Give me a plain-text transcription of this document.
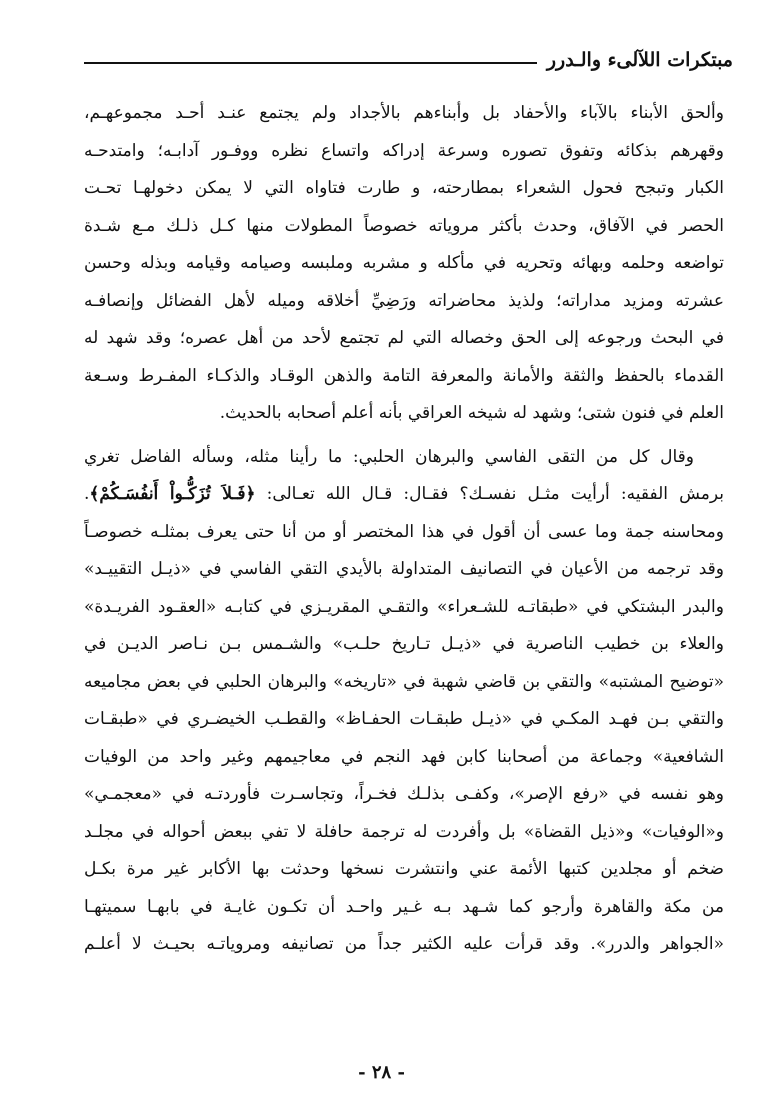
مبتكرات اللآلىء والـدرر
وألحق الأبناء بالآباء والأحفاد بل وأبناءهم بالأجداد ولم يجتمع عنـد أحـد مجموعهـم،
وقهرهم بذكائه وتفوق تصوره وسرعة إدراكه واتساع نظره ووفـور آدابـه؛ وامتدحـه
الكبار وتبجح فحول الشعراء بمطارحته، و طارت فتاواه التي لا يمكن دخولهـا تحـت
الحصر في الآفاق، وحدث بأكثر مروياته خصوصاً المطولات منها كـل ذلـك مـع شـدة
تواضعه وحلمه وبهائه وتحريه في مأكله و مشربه وملبسه وصيامه وقيامه وبذله وحسن
عشرته ومزيد مداراته؛ ولذيذ محاضراته ورَضِيِّ أخلاقه وميله لأهل الفضائل وإنصافـه
في البحث ورجوعه إلى الحق وخصاله التي لم تجتمع لأحد من أهل عصره؛ وقد شهد له
القدماء بالحفظ والثقة والأمانة والمعرفة التامة والذهن الوقـاد والذكـاء المفـرط وسـعة
العلم في فنون شتى؛ وشهد له شيخه العراقي بأنه أعلم أصحابه بالحديث.
وقال كل من التقى الفاسي والبرهان الحلبي: ما رأينا مثله، وسأله الفاضل تغري
برمش الفقيه: أرأيت مثـل نفسـك؟ فقـال: قـال الله تعـالى: ﴿فَـلاَ تُزَكُّـواْ أَنفُسَـكُمْ﴾.
ومحاسنه جمة وما عسى أن أقول في هذا المختصر أو من أنا حتى يعرف بمثلـه خصوصـاً
وقد ترجمه من الأعيان في التصانيف المتداولة بالأيدي التقي الفاسي في «ذيـل التقييـد»
والبدر البشتكي في «طبقاتـه للشـعراء» والتقـي المقريـزي في كتابـه «العقـود الفريـدة»
والعلاء بن خطيب الناصرية في «ذيـل تـاريخ حلـب» والشـمس بـن نـاصر الديـن في
«توضيح المشتبه» والتقي بن قاضي شهبة في «تاريخه» والبرهان الحلبي في بعض مجاميعه
والتقي بـن فهـد المكـي في «ذيـل طبقـات الحفـاظ» والقطـب الخيضـري في «طبقـات
الشافعية» وجماعة من أصحابنا كابن فهد النجم في معاجيمهم وغير واحد من الوفيات
وهو نفسه في «رفع الإصر»، وكفـى بذلـك فخـراً، وتجاسـرت فأوردتـه في «معجمـي»
و«الوفيات» و«ذيل القضاة» بل وأفردت له ترجمة حافلة لا تفي ببعض أحواله في مجلـد
ضخم أو مجلدين كتبها الأئمة عني وانتشرت نسخها وحدثت بها الأكابر غير مرة بكـل
من مكة والقاهرة وأرجو كما شـهد بـه غـير واحـد أن تكـون غايـة في بابهـا سميتهـا
«الجواهر والدرر». وقد قرأت عليه الكثير جداً من تصانيفه ومروياتـه بحيـث لا أعلـم
- ٢٨ -
